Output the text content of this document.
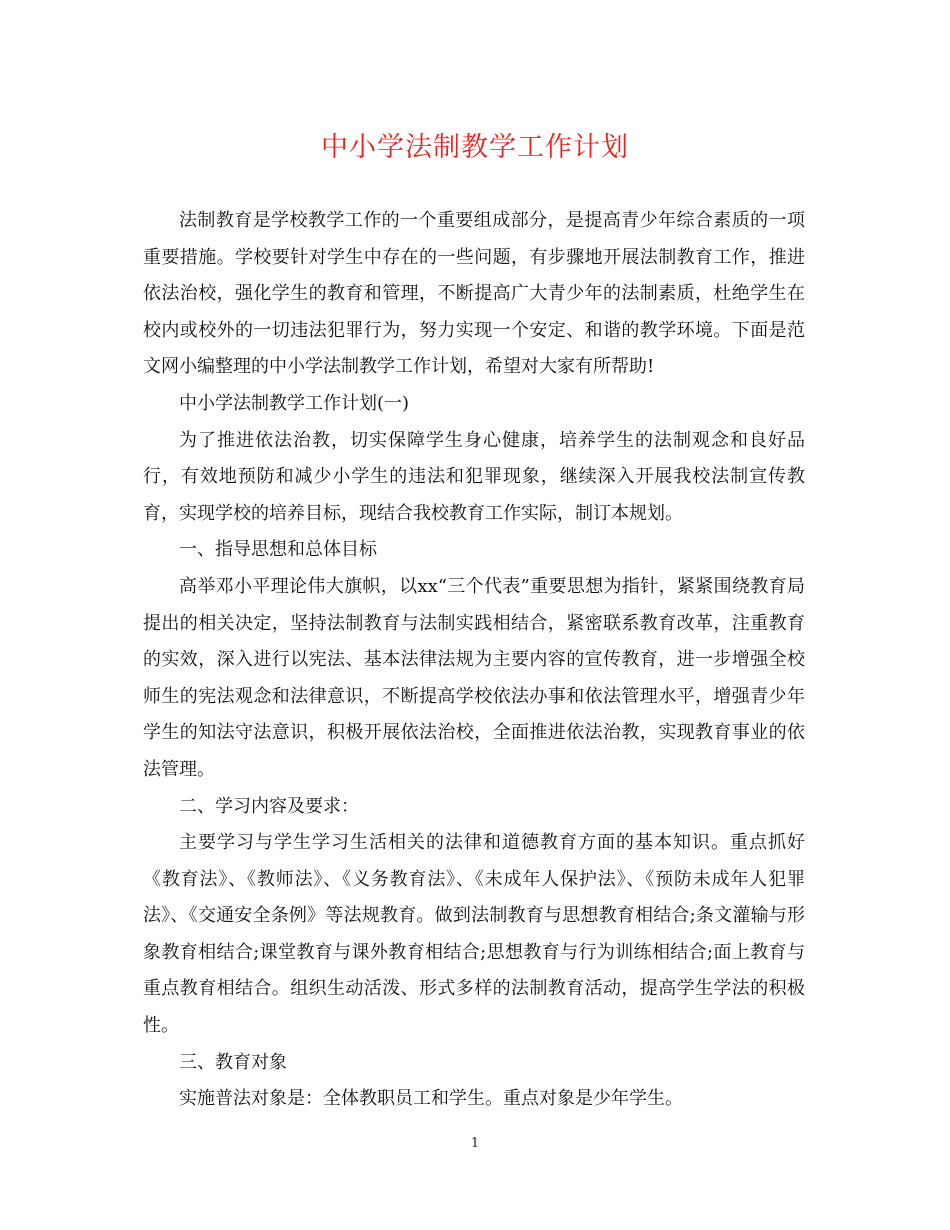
中小学法制教学工作计划

法制教育是学校教学工作的一个重要组成部分，是提高青少年综合素质的一项重要措施。学校要针对学生中存在的一些问题，有步骤地开展法制教育工作，推进依法治校，强化学生的教育和管理，不断提高广大青少年的法制素质，杜绝学生在校内或校外的一切违法犯罪行为，努力实现一个安定、和谐的教学环境。下面是范文网小编整理的中小学法制教学工作计划，希望对大家有所帮助!

中小学法制教学工作计划(一)

为了推进依法治教，切实保障学生身心健康，培养学生的法制观念和良好品行，有效地预防和减少小学生的违法和犯罪现象，继续深入开展我校法制宣传教育，实现学校的培养目标，现结合我校教育工作实际，制订本规划。

一、指导思想和总体目标

高举邓小平理论伟大旗帜，以xx“三个代表”重要思想为指针，紧紧围绕教育局提出的相关决定，坚持法制教育与法制实践相结合，紧密联系教育改革，注重教育的实效，深入进行以宪法、基本法律法规为主要内容的宣传教育，进一步增强全校师生的宪法观念和法律意识，不断提高学校依法办事和依法管理水平，增强青少年学生的知法守法意识，积极开展依法治校，全面推进依法治教，实现教育事业的依法管理。

二、学习内容及要求：

主要学习与学生学习生活相关的法律和道德教育方面的基本知识。重点抓好《教育法》、《教师法》、《义务教育法》、《未成年人保护法》、《预防未成年人犯罪法》、《交通安全条例》等法规教育。做到法制教育与思想教育相结合;条文灌输与形象教育相结合;课堂教育与课外教育相结合;思想教育与行为训练相结合;面上教育与重点教育相结合。组织生动活泼、形式多样的法制教育活动，提高学生学法的积极性。

三、教育对象

实施普法对象是：全体教职员工和学生。重点对象是少年学生。

1
